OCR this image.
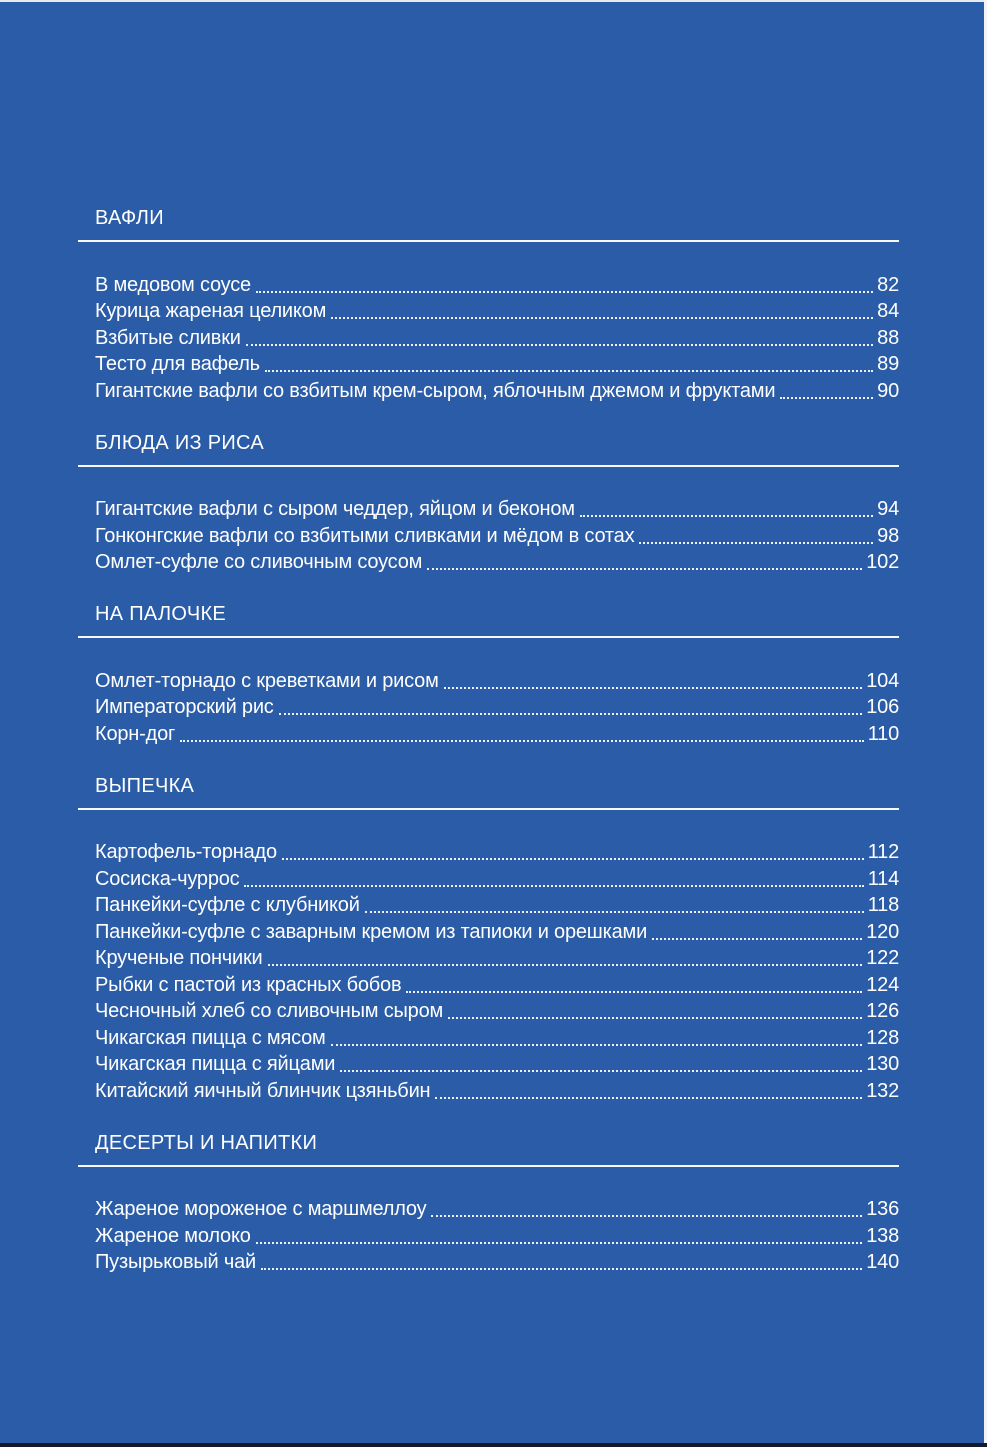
ВАФЛИ
В медовом соусе	82
Курица жареная целиком	84
Взбитые сливки	88
Тесто для вафель	89
Гигантские вафли со взбитым крем-сыром, яблочным джемом и фруктами	90
БЛЮДА ИЗ РИСА
Гигантские вафли с сыром чеддер, яйцом и беконом	94
Гонконгские вафли со взбитыми сливками и мёдом в сотах	98
Омлет-суфле со сливочным соусом	102
НА ПАЛОЧКЕ
Омлет-торнадо с креветками и рисом	104
Императорский рис	106
Корн-дог	110
ВЫПЕЧКА
Картофель-торнадо	112
Сосиска-чуррос	114
Панкейки-суфле с клубникой	118
Панкейки-суфле с заварным кремом из тапиоки и орешками	120
Крученые пончики	122
Рыбки с пастой из красных бобов	124
Чесночный хлеб со сливочным сыром	126
Чикагская пицца с мясом	128
Чикагская пицца с яйцами	130
Китайский яичный блинчик цзяньбин	132
ДЕСЕРТЫ И НАПИТКИ
Жареное мороженое с маршмеллоу	136
Жареное молоко	138
Пузырьковый чай	140
